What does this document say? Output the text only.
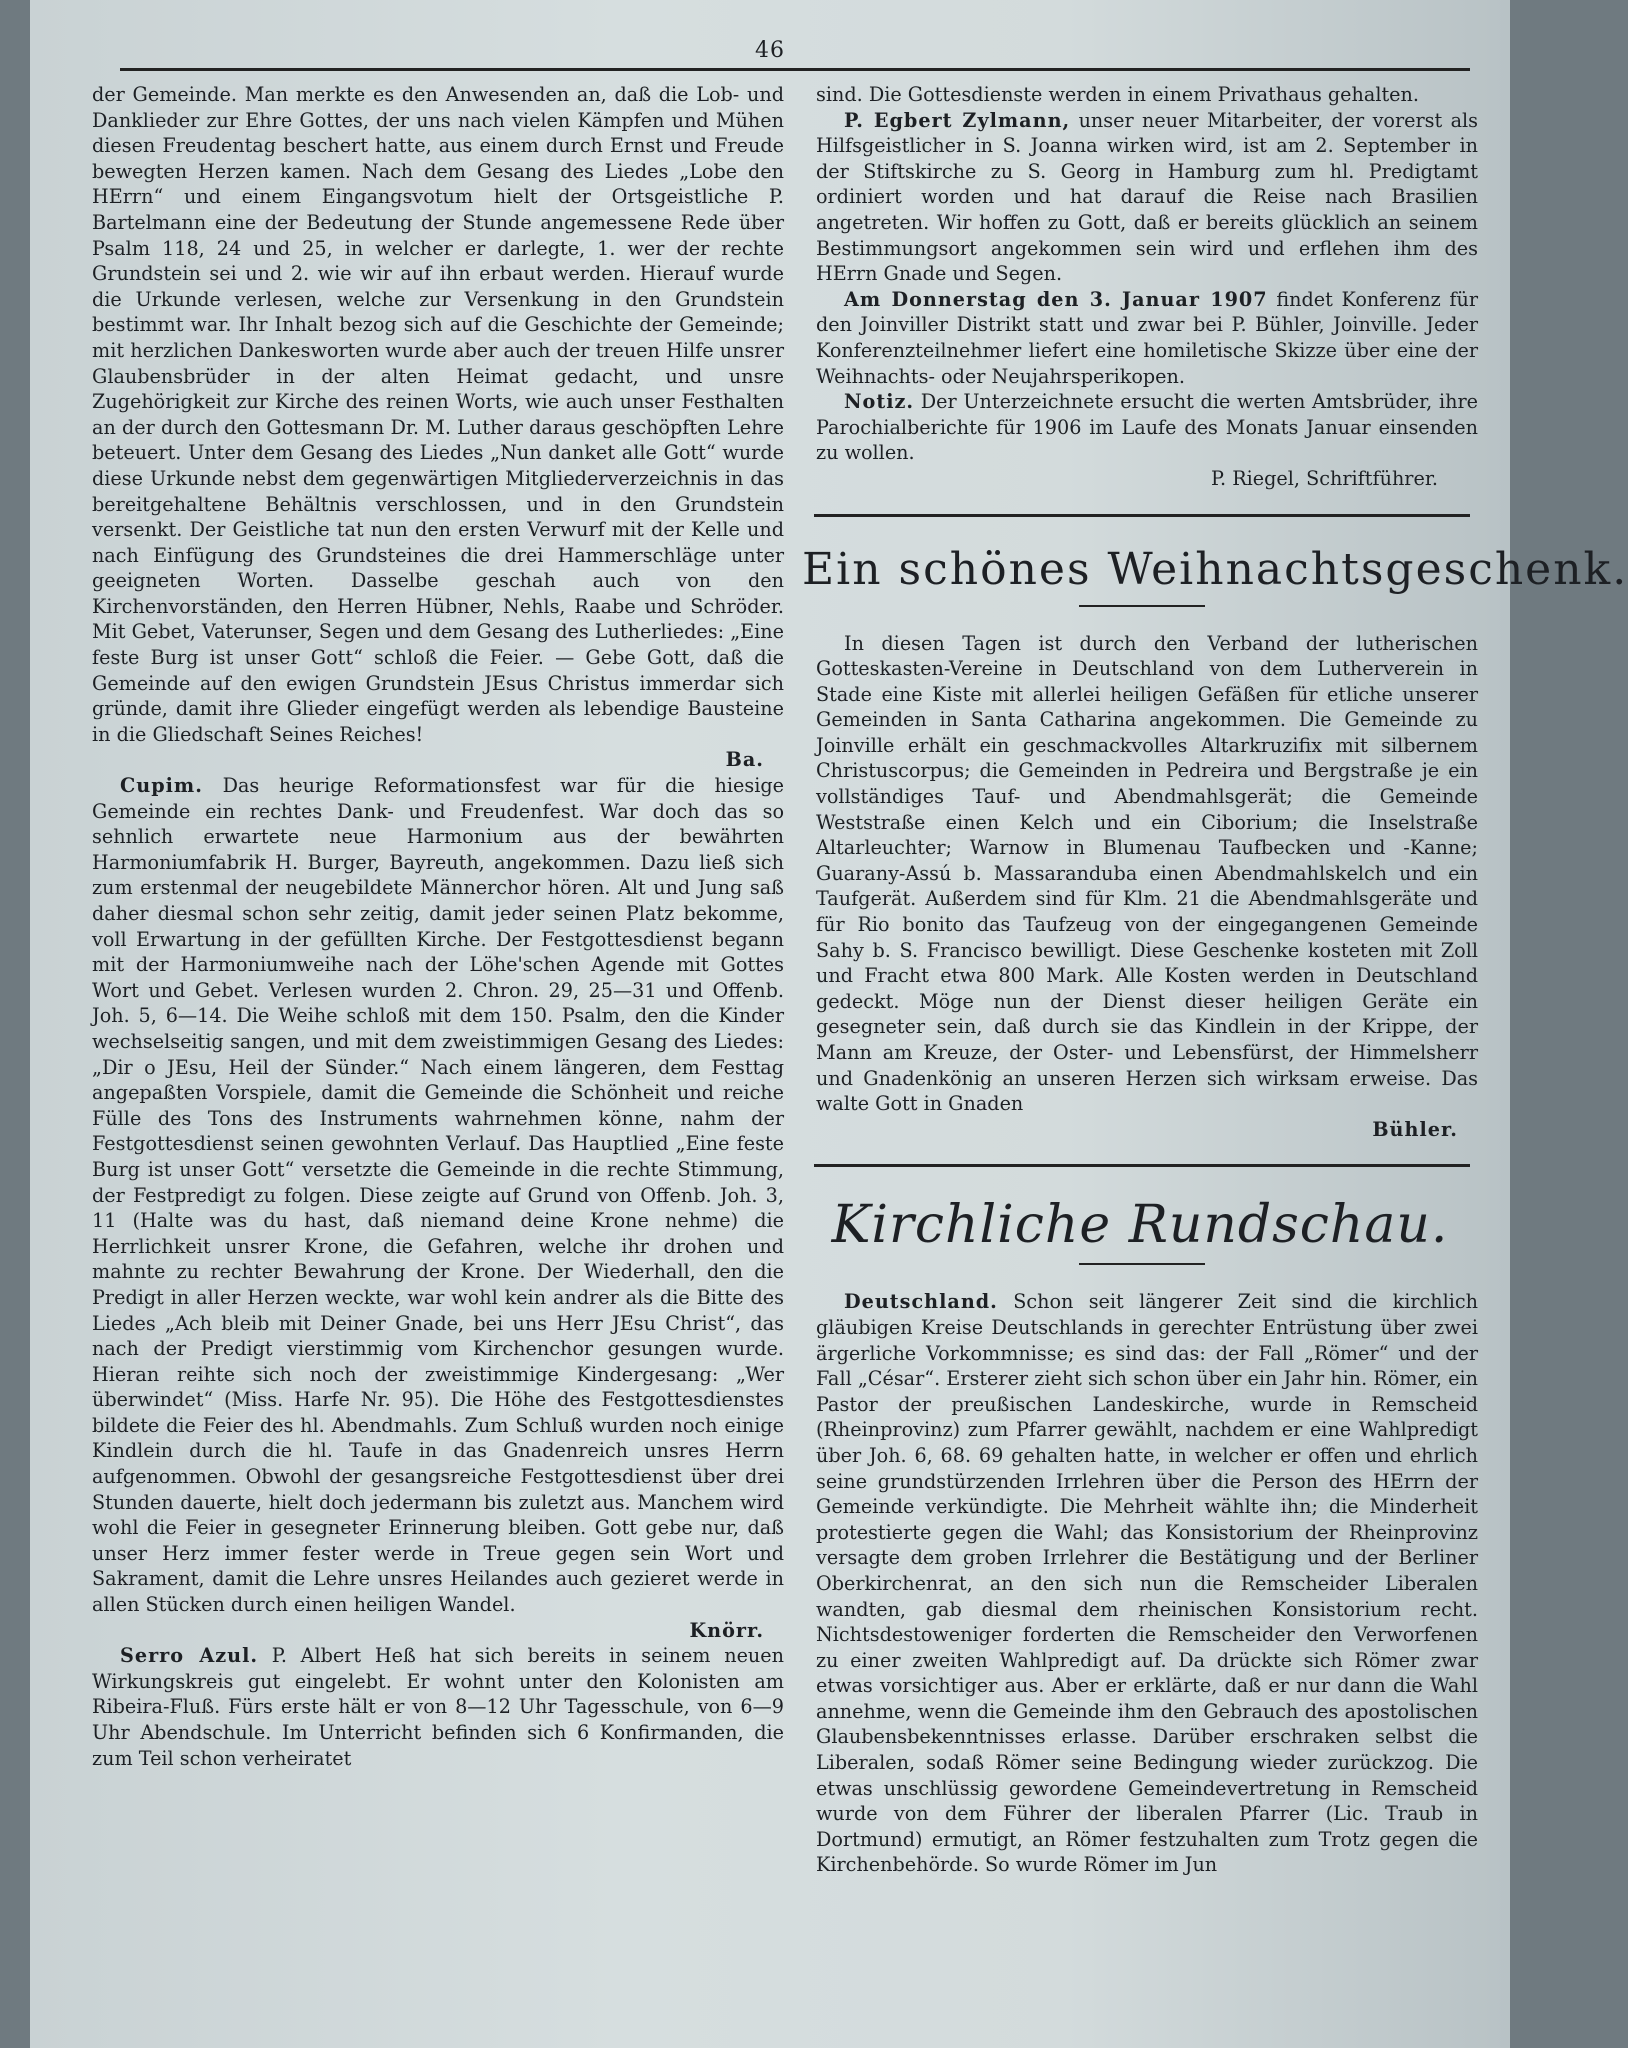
46

der Gemeinde. Man merkte es den Anwesenden an, daß die Lob- und Danklieder zur Ehre Gottes, der uns nach vielen Kämpfen und Mühen diesen Freudentag beschert hatte, aus einem durch Ernst und Freude bewegten Herzen kamen. Nach dem Gesang des Liedes „Lobe den HErrn“ und einem Eingangsvotum hielt der Ortsgeistliche P. Bartelmann eine der Bedeutung der Stunde angemessene Rede über Psalm 118, 24 und 25, in welcher er darlegte, 1. wer der rechte Grundstein sei und 2. wie wir auf ihn erbaut werden. Hierauf wurde die Urkunde verlesen, welche zur Versenkung in den Grundstein bestimmt war. Ihr Inhalt bezog sich auf die Geschichte der Gemeinde; mit herzlichen Dankesworten wurde aber auch der treuen Hilfe unsrer Glaubensbrüder in der alten Heimat gedacht, und unsre Zugehörigkeit zur Kirche des reinen Worts, wie auch unser Festhalten an der durch den Gottesmann Dr. M. Luther daraus geschöpften Lehre beteuert. Unter dem Gesang des Liedes „Nun danket alle Gott“ wurde diese Urkunde nebst dem gegenwärtigen Mitgliederverzeichnis in das bereitgehaltene Behältnis verschlossen, und in den Grundstein versenkt. Der Geistliche tat nun den ersten Verwurf mit der Kelle und nach Einfügung des Grundsteines die drei Hammerschläge unter geeigneten Worten. Dasselbe geschah auch von den Kirchenvorständen, den Herren Hübner, Nehls, Raabe und Schröder. Mit Gebet, Vaterunser, Segen und dem Gesang des Lutherliedes: „Eine feste Burg ist unser Gott“ schloß die Feier. — Gebe Gott, daß die Gemeinde auf den ewigen Grundstein JEsus Christus immerdar sich gründe, damit ihre Glieder eingefügt werden als lebendige Bausteine in die Gliedschaft Seines Reiches!

Ba.

Cupim. Das heurige Reformationsfest war für die hiesige Gemeinde ein rechtes Dank- und Freudenfest. War doch das so sehnlich erwartete neue Harmonium aus der bewährten Harmoniumfabrik H. Burger, Bayreuth, angekommen. Dazu ließ sich zum erstenmal der neugebildete Männerchor hören. Alt und Jung saß daher diesmal schon sehr zeitig, damit jeder seinen Platz bekomme, voll Erwartung in der gefüllten Kirche. Der Festgottesdienst begann mit der Harmoniumweihe nach der Löhe'schen Agende mit Gottes Wort und Gebet. Verlesen wurden 2. Chron. 29, 25—31 und Offenb. Joh. 5, 6—14. Die Weihe schloß mit dem 150. Psalm, den die Kinder wechselseitig sangen, und mit dem zweistimmigen Gesang des Liedes: „Dir o JEsu, Heil der Sünder.“ Nach einem längeren, dem Festtag angepaßten Vorspiele, damit die Gemeinde die Schönheit und reiche Fülle des Tons des Instruments wahrnehmen könne, nahm der Festgottesdienst seinen gewohnten Verlauf. Das Hauptlied „Eine feste Burg ist unser Gott“ versetzte die Gemeinde in die rechte Stimmung, der Festpredigt zu folgen. Diese zeigte auf Grund von Offenb. Joh. 3, 11 (Halte was du hast, daß niemand deine Krone nehme) die Herrlichkeit unsrer Krone, die Gefahren, welche ihr drohen und mahnte zu rechter Bewahrung der Krone. Der Wiederhall, den die Predigt in aller Herzen weckte, war wohl kein andrer als die Bitte des Liedes „Ach bleib mit Deiner Gnade, bei uns Herr JEsu Christ“, das nach der Predigt vierstimmig vom Kirchenchor gesungen wurde. Hieran reihte sich noch der zweistimmige Kindergesang: „Wer überwindet“ (Miss. Harfe Nr. 95). Die Höhe des Festgottesdienstes bildete die Feier des hl. Abendmahls. Zum Schluß wurden noch einige Kindlein durch die hl. Taufe in das Gnadenreich unsres Herrn aufgenommen. Obwohl der gesangsreiche Festgottesdienst über drei Stunden dauerte, hielt doch jedermann bis zuletzt aus. Manchem wird wohl die Feier in gesegneter Erinnerung bleiben. Gott gebe nur, daß unser Herz immer fester werde in Treue gegen sein Wort und Sakrament, damit die Lehre unsres Heilandes auch gezieret werde in allen Stücken durch einen heiligen Wandel.

Knörr.

Serro Azul. P. Albert Heß hat sich bereits in seinem neuen Wirkungskreis gut eingelebt. Er wohnt unter den Kolonisten am Ribeira-Fluß. Fürs erste hält er von 8—12 Uhr Tagesschule, von 6—9 Uhr Abendschule. Im Unterricht befinden sich 6 Konfirmanden, die zum Teil schon verheiratet

sind. Die Gottesdienste werden in einem Privathaus gehalten.

P. Egbert Zylmann, unser neuer Mitarbeiter, der vorerst als Hilfsgeistlicher in S. Joanna wirken wird, ist am 2. September in der Stiftskirche zu S. Georg in Hamburg zum hl. Predigtamt ordiniert worden und hat darauf die Reise nach Brasilien angetreten. Wir hoffen zu Gott, daß er bereits glücklich an seinem Bestimmungsort angekommen sein wird und erflehen ihm des HErrn Gnade und Segen.

Am Donnerstag den 3. Januar 1907 findet Konferenz für den Joinviller Distrikt statt und zwar bei P. Bühler, Joinville. Jeder Konferenzteilnehmer liefert eine homiletische Skizze über eine der Weihnachts- oder Neujahrsperikopen.

Notiz. Der Unterzeichnete ersucht die werten Amtsbrüder, ihre Parochialberichte für 1906 im Laufe des Monats Januar einsenden zu wollen.

P. Riegel, Schriftführer.

Ein schönes Weihnachtsgeschenk.

In diesen Tagen ist durch den Verband der lutherischen Gotteskasten-Vereine in Deutschland von dem Lutherverein in Stade eine Kiste mit allerlei heiligen Gefäßen für etliche unserer Gemeinden in Santa Catharina angekommen. Die Gemeinde zu Joinville erhält ein geschmackvolles Altarkruzifix mit silbernem Christuscorpus; die Gemeinden in Pedreira und Bergstraße je ein vollständiges Tauf- und Abendmahlsgerät; die Gemeinde Weststraße einen Kelch und ein Ciborium; die Inselstraße Altarleuchter; Warnow in Blumenau Taufbecken und -Kanne; Guarany-Assú b. Massaranduba einen Abendmahlskelch und ein Taufgerät. Außerdem sind für Klm. 21 die Abendmahlsgeräte und für Rio bonito das Taufzeug von der eingegangenen Gemeinde Sahy b. S. Francisco bewilligt. Diese Geschenke kosteten mit Zoll und Fracht etwa 800 Mark. Alle Kosten werden in Deutschland gedeckt. Möge nun der Dienst dieser heiligen Geräte ein gesegneter sein, daß durch sie das Kindlein in der Krippe, der Mann am Kreuze, der Oster- und Lebensfürst, der Himmelsherr und Gnadenkönig an unseren Herzen sich wirksam erweise. Das walte Gott in Gnaden

Bühler.

Kirchliche Rundschau.

Deutschland. Schon seit längerer Zeit sind die kirchlich gläubigen Kreise Deutschlands in gerechter Entrüstung über zwei ärgerliche Vorkommnisse; es sind das: der Fall „Römer“ und der Fall „César“. Ersterer zieht sich schon über ein Jahr hin. Römer, ein Pastor der preußischen Landeskirche, wurde in Remscheid (Rheinprovinz) zum Pfarrer gewählt, nachdem er eine Wahlpredigt über Joh. 6, 68. 69 gehalten hatte, in welcher er offen und ehrlich seine grundstürzenden Irrlehren über die Person des HErrn der Gemeinde verkündigte. Die Mehrheit wählte ihn; die Minderheit protestierte gegen die Wahl; das Konsistorium der Rheinprovinz versagte dem groben Irrlehrer die Bestätigung und der Berliner Oberkirchenrat, an den sich nun die Remscheider Liberalen wandten, gab diesmal dem rheinischen Konsistorium recht. Nichtsdestoweniger forderten die Remscheider den Verworfenen zu einer zweiten Wahlpredigt auf. Da drückte sich Römer zwar etwas vorsichtiger aus. Aber er erklärte, daß er nur dann die Wahl annehme, wenn die Gemeinde ihm den Gebrauch des apostolischen Glaubensbekenntnisses erlasse. Darüber erschraken selbst die Liberalen, sodaß Römer seine Bedingung wieder zurückzog. Die etwas unschlüssig gewordene Gemeindevertretung in Remscheid wurde von dem Führer der liberalen Pfarrer (Lic. Traub in Dortmund) ermutigt, an Römer festzuhalten zum Trotz gegen die Kirchenbehörde. So wurde Römer im Jun
